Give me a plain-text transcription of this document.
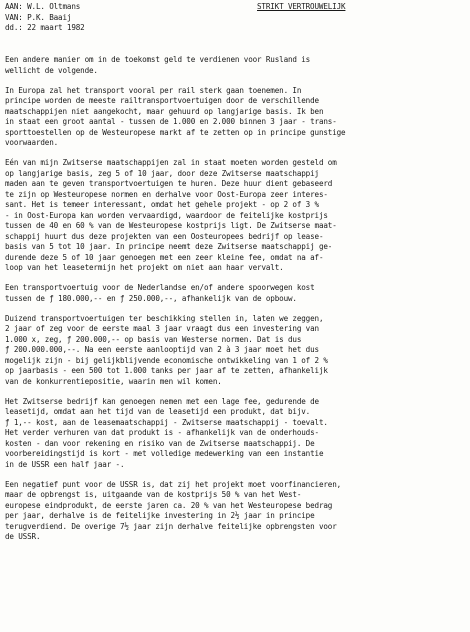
AAN: W.L. Oltmans
VAN: P.K. Baaij
dd.: 22 maart 1982
STRIKT VERTROUWELIJK
Een andere manier om in de toekomst geld te verdienen voor Rusland is
wellicht de volgende.
In Europa zal het transport vooral per rail sterk gaan toenemen. In
principe worden de meeste railtransportvoertuigen door de verschillende
maatschappijen niet aangekocht, maar gehuurd op langjarige basis. Ik ben
in staat een groot aantal - tussen de 1.000 en 2.000 binnen 3 jaar - trans-
sporttoestellen op de Westeuropese markt af te zetten op in principe gunstige
voorwaarden.
Eén van mijn Zwitserse maatschappijen zal in staat moeten worden gesteld om
op langjarige basis, zeg 5 of 10 jaar, door deze Zwitserse maatschappij
maden aan te geven transportvoertuigen te huren. Deze huur dient gebaseerd
te zijn op Westeuropese normen en derhalve voor Oost-Europa zeer interes-
sant. Het is temeer interessant, omdat het gehele projekt - op 2 of 3 %
- in Oost-Europa kan worden vervaardigd, waardoor de feitelijke kostprijs
tussen de 40 en 60 % van de Westeuropese kostprijs ligt. De Zwitserse maat-
schappij huurt dus deze projekten van een Oosteuropees bedrijf op lease-
basis van 5 tot 10 jaar. In principe neemt deze Zwitserse maatschappij ge-
durende deze 5 of 10 jaar genoegen met een zeer kleine fee, omdat na af-
loop van het leasetermijn het projekt om niet aan haar vervalt.
Een transportvoertuig voor de Nederlandse en/of andere spoorwegen kost
tussen de ƒ 180.000,-- en ƒ 250.000,--, afhankelijk van de opbouw.
Duizend transportvoertuigen ter beschikking stellen in, laten we zeggen,
2 jaar of zeg voor de eerste maal 3 jaar vraagt dus een investering van
1.000 x, zeg, ƒ 200.000,-- op basis van Westerse normen. Dat is dus
ƒ 200.000.000,--. Na een eerste aanlooptijd van 2 à 3 jaar moet het dus
mogelijk zijn - bij gelijkblijvende economische ontwikkeling van 1 of 2 %
op jaarbasis - een 500 tot 1.000 tanks per jaar af te zetten, afhankelijk
van de konkurrentiepositie, waarin men wil komen.
Het Zwitserse bedrijf kan genoegen nemen met een lage fee, gedurende de
leasetijd, omdat aan het tijd van de leasetijd een produkt, dat bijv.
ƒ 1,-- kost, aan de leasemaatschappij - Zwitserse maatschappij - toevalt.
Het verder verhuren van dat produkt is - afhankelijk van de onderhouds-
kosten - dan voor rekening en risiko van de Zwitserse maatschappij. De
voorbereidingstijd is kort - met volledige medewerking van een instantie
in de USSR een half jaar -.
Een negatief punt voor de USSR is, dat zij het projekt moet voorfinancieren,
maar de opbrengst is, uitgaande van de kostprijs 50 % van het West-
europese eindprodukt, de eerste jaren ca. 20 % van het Westeuropese bedrag
per jaar, derhalve is de feitelijke investering in 2½ jaar in principe
terugverdiend. De overige 7½ jaar zijn derhalve feitelijke opbrengsten voor
de USSR.
